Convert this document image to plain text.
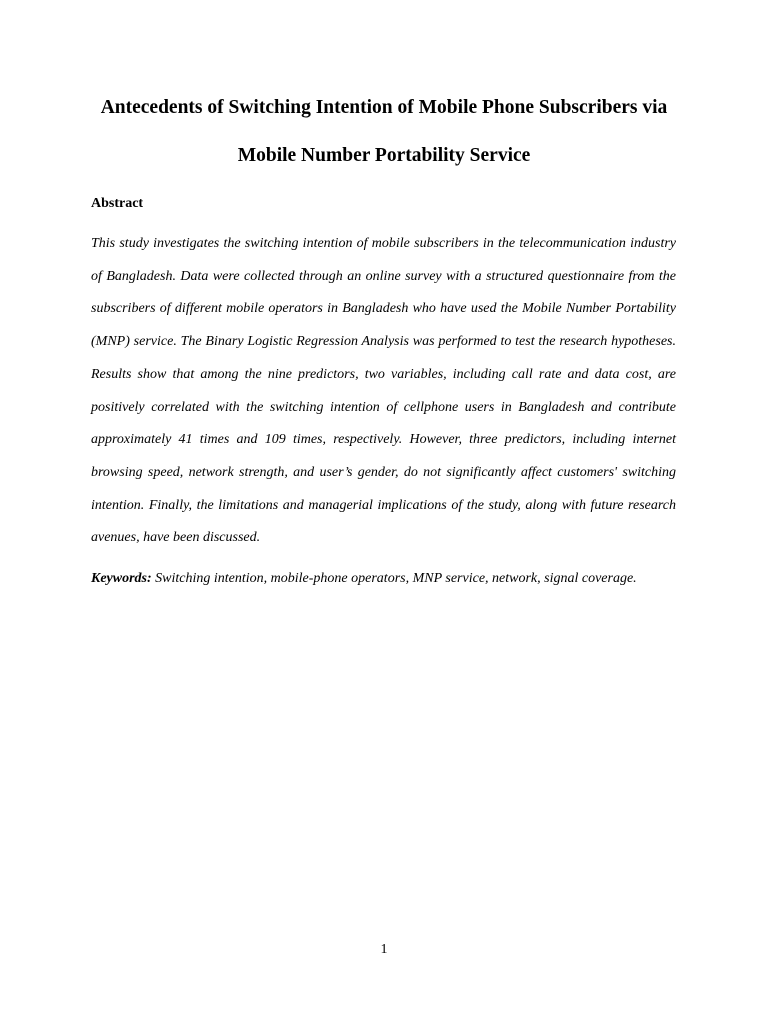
Antecedents of Switching Intention of Mobile Phone Subscribers via
Mobile Number Portability Service
Abstract

This study investigates the switching intention of mobile subscribers in the telecommunication industry of Bangladesh. Data were collected through an online survey with a structured questionnaire from the subscribers of different mobile operators in Bangladesh who have used the Mobile Number Portability (MNP) service. The Binary Logistic Regression Analysis was performed to test the research hypotheses. Results show that among the nine predictors, two variables, including call rate and data cost, are positively correlated with the switching intention of cellphone users in Bangladesh and contribute approximately 41 times and 109 times, respectively. However, three predictors, including internet browsing speed, network strength, and user’s gender, do not significantly affect customers' switching intention. Finally, the limitations and managerial implications of the study, along with future research avenues, have been discussed.

Keywords: Switching intention, mobile-phone operators, MNP service, network, signal coverage.

1
